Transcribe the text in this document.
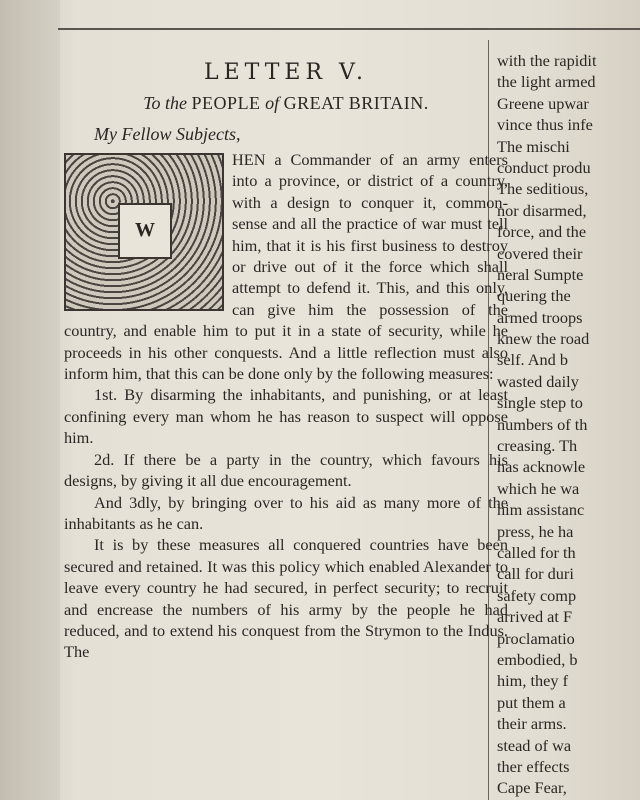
LETTER V.
To the PEOPLE of GREAT BRITAIN.
My Fellow Subjects,
W

HEN a Commander of an army enters into a province, or district of a country, with a design to conquer it, common-sense and all the practice of war must tell him, that it is his first business to destroy or drive out of it the force which shall attempt to defend it. This, and this only, can give him the possession of the country, and enable him to put it in a state of security, while he proceeds in his other conquests. And a little reflection must also inform him, that this can be done only by the following measures:

1st. By disarming the inhabitants, and punishing, or at least confining every man whom he has reason to suspect will oppose him.

2d. If there be a party in the country, which favours his designs, by giving it all due encouragement.

And 3dly, by bringing over to his aid as many more of the inhabitants as he can.

It is by these measures all conquered countries have been secured and retained. It was this policy which enabled Alexander to leave every country he had secured, in perfect security; to recruit and encrease the numbers of his army by the people he had reduced, and to extend his conquest from the Strymon to the Indus. The

with the rapidit
the light armed
Greene upwar
vince thus infe
The mischi
conduct produ
The seditious,
nor disarmed,
force, and the
covered their
neral Sumpte
quering the
armed troops
knew the road
self. And b
wasted daily
single step to
numbers of th
creasing. Th
has acknowle
which he wa
him assistanc
press, he ha
called for th
call for duri
safety comp
arrived at F
proclamatio
embodied, b
him, they f
put them a
their arms.
stead of wa
ther effects
Cape Fear,
